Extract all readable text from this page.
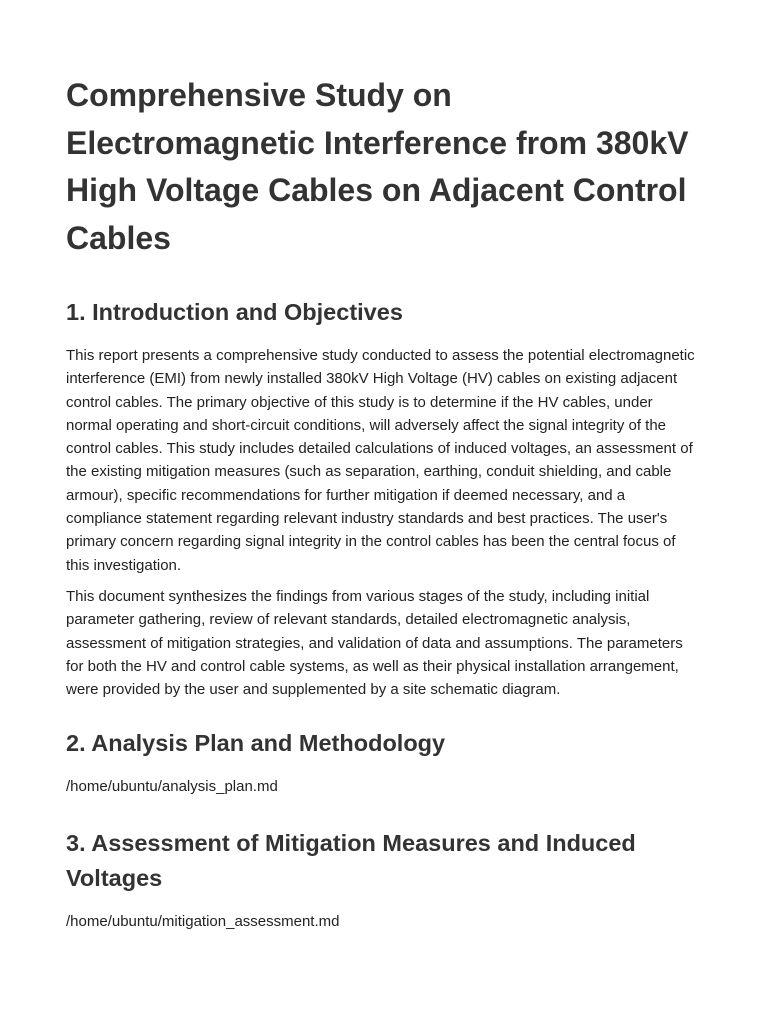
Comprehensive Study on Electromagnetic Interference from 380kV High Voltage Cables on Adjacent Control Cables
1. Introduction and Objectives

This report presents a comprehensive study conducted to assess the potential electromagnetic interference (EMI) from newly installed 380kV High Voltage (HV) cables on existing adjacent control cables. The primary objective of this study is to determine if the HV cables, under normal operating and short-circuit conditions, will adversely affect the signal integrity of the control cables. This study includes detailed calculations of induced voltages, an assessment of the existing mitigation measures (such as separation, earthing, conduit shielding, and cable armour), specific recommendations for further mitigation if deemed necessary, and a compliance statement regarding relevant industry standards and best practices. The user's primary concern regarding signal integrity in the control cables has been the central focus of this investigation.

This document synthesizes the findings from various stages of the study, including initial parameter gathering, review of relevant standards, detailed electromagnetic analysis, assessment of mitigation strategies, and validation of data and assumptions. The parameters for both the HV and control cable systems, as well as their physical installation arrangement, were provided by the user and supplemented by a site schematic diagram.

2. Analysis Plan and Methodology

/home/ubuntu/analysis_plan.md

3. Assessment of Mitigation Measures and Induced Voltages

/home/ubuntu/mitigation_assessment.md
